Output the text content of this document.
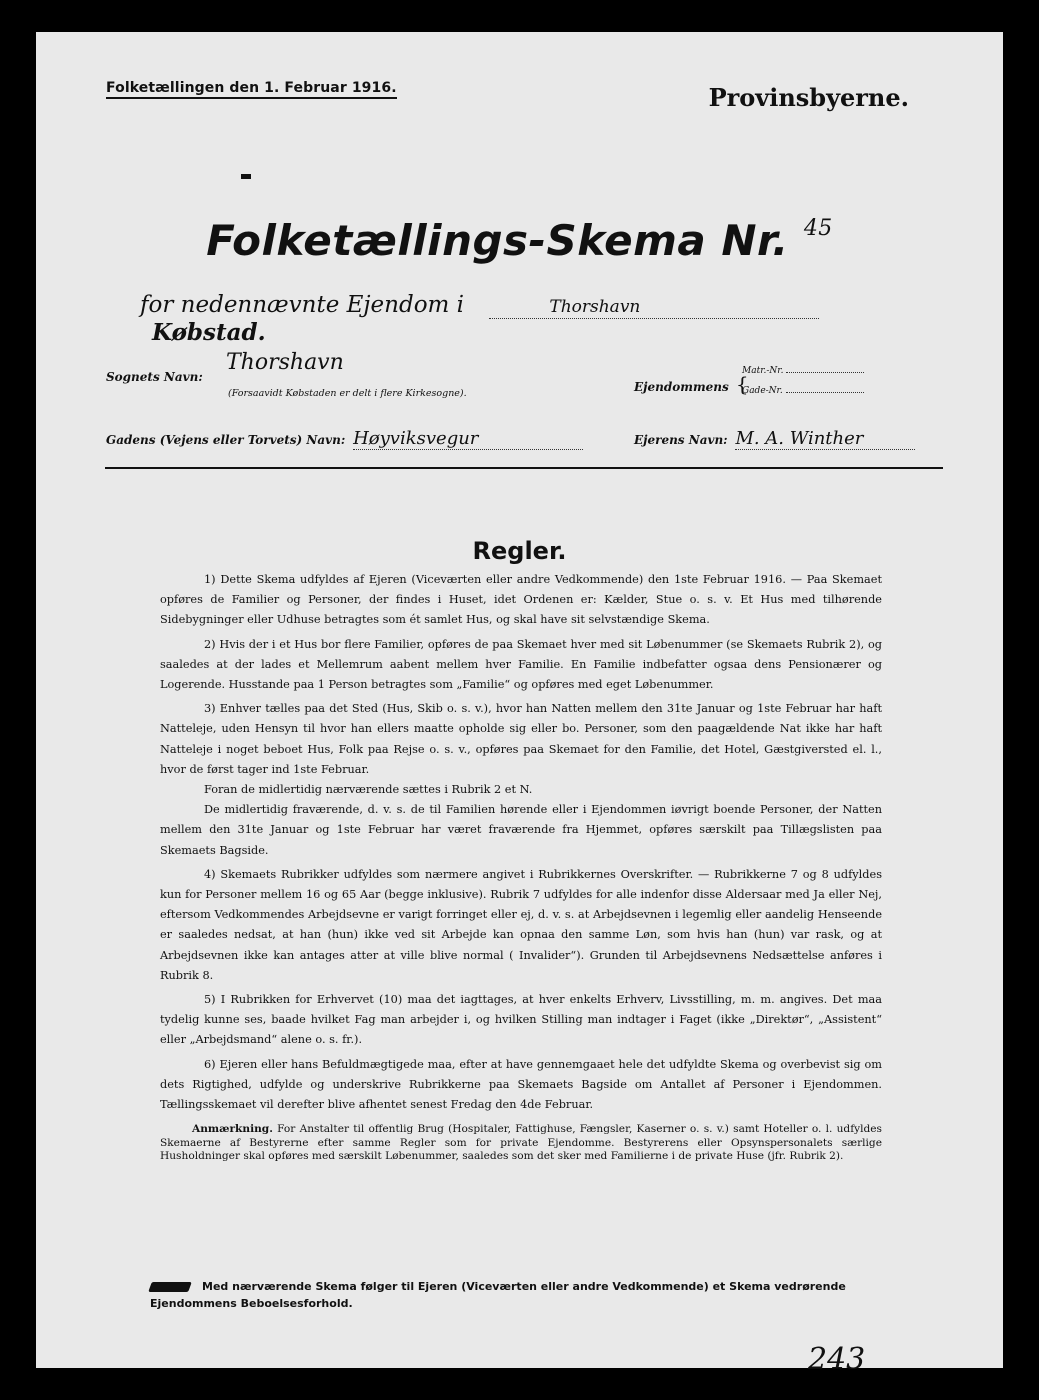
Folketællingen den 1. Februar 1916.	Provinsbyerne.
Folketællings-Skema Nr. $^{45}$
for nedennævnte Ejendom i	Thorshavn Købstad.
Sognets Navn:
Thorshavn
(Forsaavidt Købstaden er delt i flere Kirkesogne).	Ejendommens {
Matr.-Nr.
Gade-Nr.
Gadens (Vejens eller Torvets) Navn: Høyviksvegur	Ejerens Navn: M. A. Winther
Regler.

1) Dette Skema udfyldes af Ejeren (Viceværten eller andre Vedkommende) den 1ste Februar 1916. — Paa Skemaet opføres de Familier og Personer, der findes i Huset, idet Ordenen er: Kælder, Stue o. s. v. Et Hus med tilhørende Sidebygninger eller Udhuse betragtes som ét samlet Hus, og skal have sit selvstændige Skema.

2) Hvis der i et Hus bor flere Familier, opføres de paa Skemaet hver med sit Løbenummer (se Skemaets Rubrik 2), og saaledes at der lades et Mellemrum aabent mellem hver Familie. En Familie indbefatter ogsaa dens Pensionærer og Logerende. Husstande paa 1 Person betragtes som „Familie“ og opføres med eget Løbenummer.

3) Enhver tælles paa det Sted (Hus, Skib o. s. v.), hvor han Natten mellem den 31te Januar og 1ste Februar har haft Natteleje, uden Hensyn til hvor han ellers maatte opholde sig eller bo. Personer, som den paagældende Nat ikke har haft Natteleje i noget beboet Hus, Folk paa Rejse o. s. v., opføres paa Skemaet for den Familie, det Hotel, Gæstgiversted el. l., hvor de først tager ind 1ste Februar.

Foran de midlertidig nærværende sættes i Rubrik 2 et N.

De midlertidig fraværende, d. v. s. de til Familien hørende eller i Ejendommen iøvrigt boende Personer, der Natten mellem den 31te Januar og 1ste Februar har været fraværende fra Hjemmet, opføres særskilt paa Tillægslisten paa Skemaets Bagside.

4) Skemaets Rubrikker udfyldes som nærmere angivet i Rubrikkernes Overskrifter. — Rubrikkerne 7 og 8 udfyldes kun for Personer mellem 16 og 65 Aar (begge inklusive). Rubrik 7 udfyldes for alle indenfor disse Aldersaar med Ja eller Nej, eftersom Vedkommendes Arbejdsevne er varigt forringet eller ej, d. v. s. at Arbejdsevnen i legemlig eller aandelig Henseende er saaledes nedsat, at han (hun) ikke ved sit Arbejde kan opnaa den samme Løn, som hvis han (hun) var rask, og at Arbejdsevnen ikke kan antages atter at ville blive normal ( Invalider“). Grunden til Arbejdsevnens Nedsættelse anføres i Rubrik 8.

5) I Rubrikken for Erhvervet (10) maa det iagttages, at hver enkelts Erhverv, Livsstilling, m. m. angives. Det maa tydelig kunne ses, baade hvilket Fag man arbejder i, og hvilken Stilling man indtager i Faget (ikke „Direktør“, „Assistent“ eller „Arbejdsmand“ alene o. s. fr.).

6) Ejeren eller hans Befuldmægtigede maa, efter at have gennemgaaet hele det udfyldte Skema og overbevist sig om dets Rigtighed, udfylde og underskrive Rubrikkerne paa Skemaets Bagside om Antallet af Personer i Ejendommen. Tællingsskemaet vil derefter blive afhentet senest Fredag den 4de Februar.

Anmærkning. For Anstalter til offentlig Brug (Hospitaler, Fattighuse, Fængsler, Kaserner o. s. v.) samt Hoteller o. l. udfyldes Skemaerne af Bestyrerne efter samme Regler som for private Ejendomme. Bestyrerens eller Opsynspersonalets særlige Husholdninger skal opføres med særskilt Løbenummer, saaledes som det sker med Familierne i de private Huse (jfr. Rubrik 2).

Med nærværende Skema følger til Ejeren (Viceværten eller andre Vedkommende) et Skema vedrørende Ejendommens Beboelsesforhold.
243
